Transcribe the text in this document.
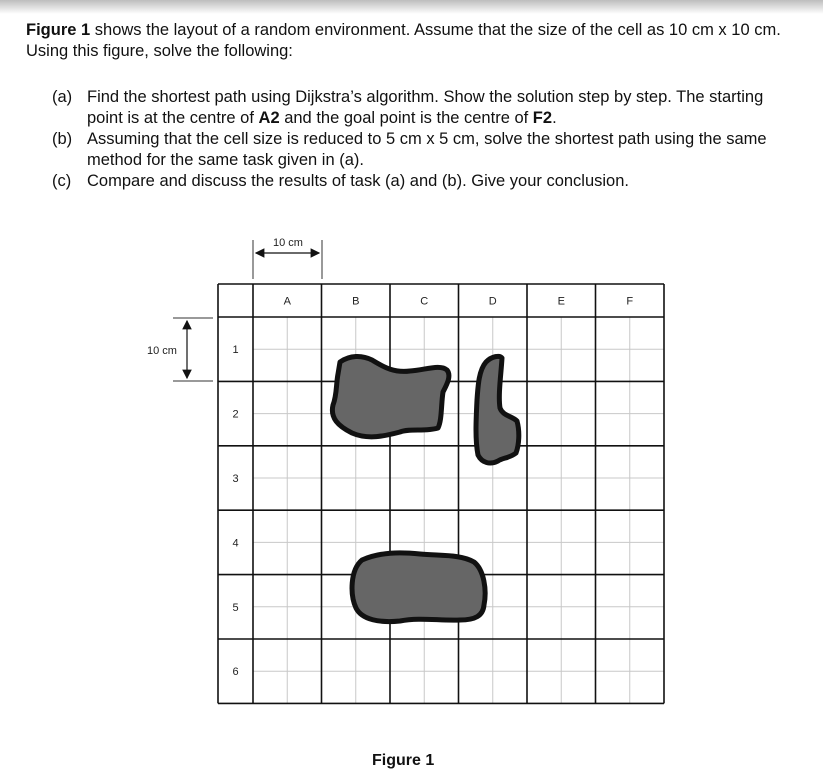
Figure 1 shows the layout of a random environment. Assume that the size of the cell as 10 cm x 10 cm. Using this figure, solve the following:
(a) Find the shortest path using Dijkstra’s algorithm. Show the solution step by step. The starting point is at the centre of A2 and the goal point is the centre of F2.
(b) Assuming that the cell size is reduced to 5 cm x 5 cm, solve the shortest path using the same method for the same task given in (a).
(c) Compare and discuss the results of task (a) and (b). Give your conclusion.
10 cm
10 cm
A	B	C	D	E	F
1
2
3
4
5
6
Figure 1
